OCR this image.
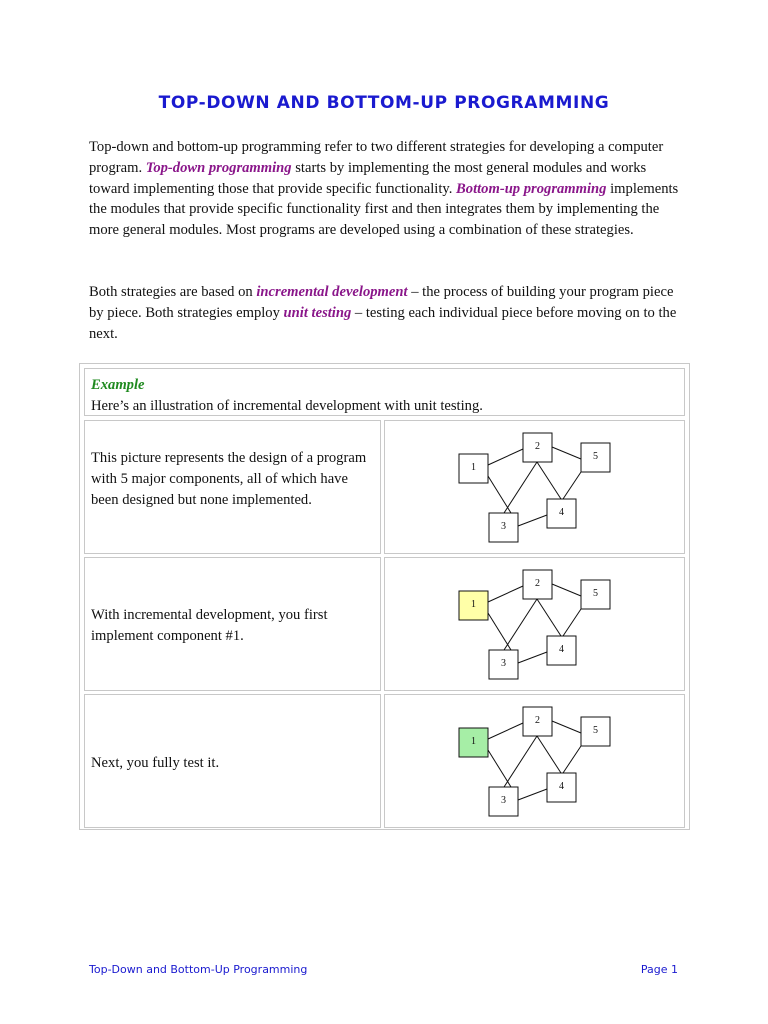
TOP-DOWN AND BOTTOM-UP PROGRAMMING

Top-down and bottom-up programming refer to two different strategies for developing a computer program. Top-down programming starts by implementing the most general modules and works toward implementing those that provide specific functionality. Bottom-up programming implements the modules that provide specific functionality first and then integrates them by implementing the more general modules. Most programs are developed using a combination of these strategies.

Both strategies are based on incremental development – the process of building your program piece by piece. Both strategies employ unit testing – testing each individual piece before moving on to the next.

Example
Here’s an illustration of incremental development with unit testing.
This picture represents the design of a program with 5 major components, all of which have been designed but none implemented.
1
2
3
4
5
With incremental development, you first implement component #1.
1
2
3
4
5
Next, you fully test it.
1
2
3
4
5
Top-Down and Bottom-Up Programming	Page 1
